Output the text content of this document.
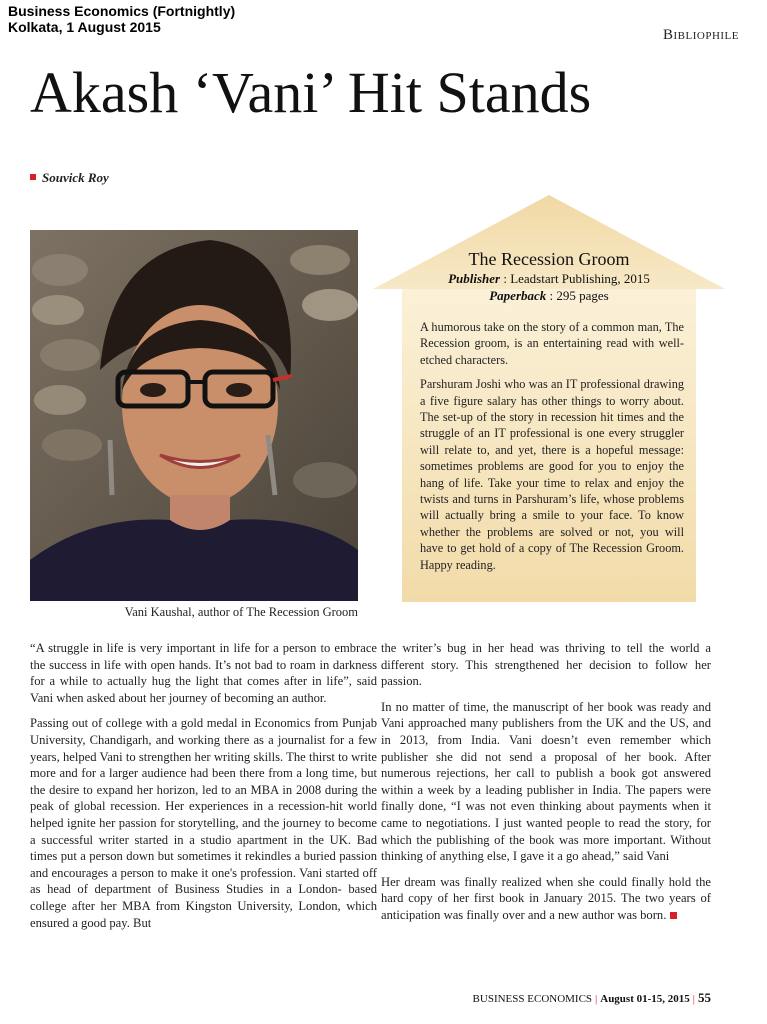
Business Economics (Fortnightly)
Kolkata, 1 August 2015	Bibliophile
Akash ‘Vani’ Hit Stands
Souvick Roy
Vani Kaushal, author of The Recession Groom
The Recession Groom
Publisher : Leadstart Publishing, 2015
Paperback : 295 pages

A humorous take on the story of a common man, The Recession groom, is an entertaining read with well-etched characters.

Parshuram Joshi who was an IT professional drawing a five figure salary has other things to worry about. The set-up of the story in recession hit times and the struggle of an IT professional is one every struggler will relate to, and yet, there is a hopeful message: sometimes problems are good for you to enjoy the hang of life. Take your time to relax and enjoy the twists and turns in Parshuram’s life, whose problems will actually bring a smile to your face. To know whether the problems are solved or not, you will have to get hold of a copy of The Recession Groom. Happy reading.

“A struggle in life is very important in life for a person to embrace the success in life with open hands. It’s not bad to roam in darkness for a while to actually hug the light that comes after in life”, said Vani when asked about her journey of becoming an author.

Passing out of college with a gold medal in Economics from Punjab University, Chandigarh, and working there as a journalist for a few years, helped Vani to strengthen her writing skills. The thirst to write more and for a larger audience had been there from a long time, but the desire to expand her horizon, led to an MBA in 2008 during the peak of global recession. Her experiences in a recession-hit world helped ignite her passion for storytelling, and the journey to become a successful writer started in a studio apartment in the UK. Bad times put a person down but sometimes it rekindles a buried passion and encourages a person to make it one's profession. Vani started off as head of department of Business Studies in a London- based college after her MBA from Kingston University, London, which ensured a good pay. But

the writer’s bug in her head was thriving to tell the world a different story. This strengthened her decision to follow her passion.

In no matter of time, the manuscript of her book was ready and Vani approached many publishers from the UK and the US, and in 2013, from India. Vani doesn’t even remember which publisher she did not send a proposal of her book. After numerous rejections, her call to publish a book got answered within a week by a leading publisher in India. The papers were finally done, “I was not even thinking about payments when it came to negotiations. I just wanted people to read the story, for which the publishing of the book was more important. Without thinking of anything else, I gave it a go ahead,” said Vani

Her dream was finally realized when she could finally hold the hard copy of her first book in January 2015. The two years of anticipation was finally over and a new author was born.

BUSINESS ECONOMICS | August 01-15, 2015 | 55
